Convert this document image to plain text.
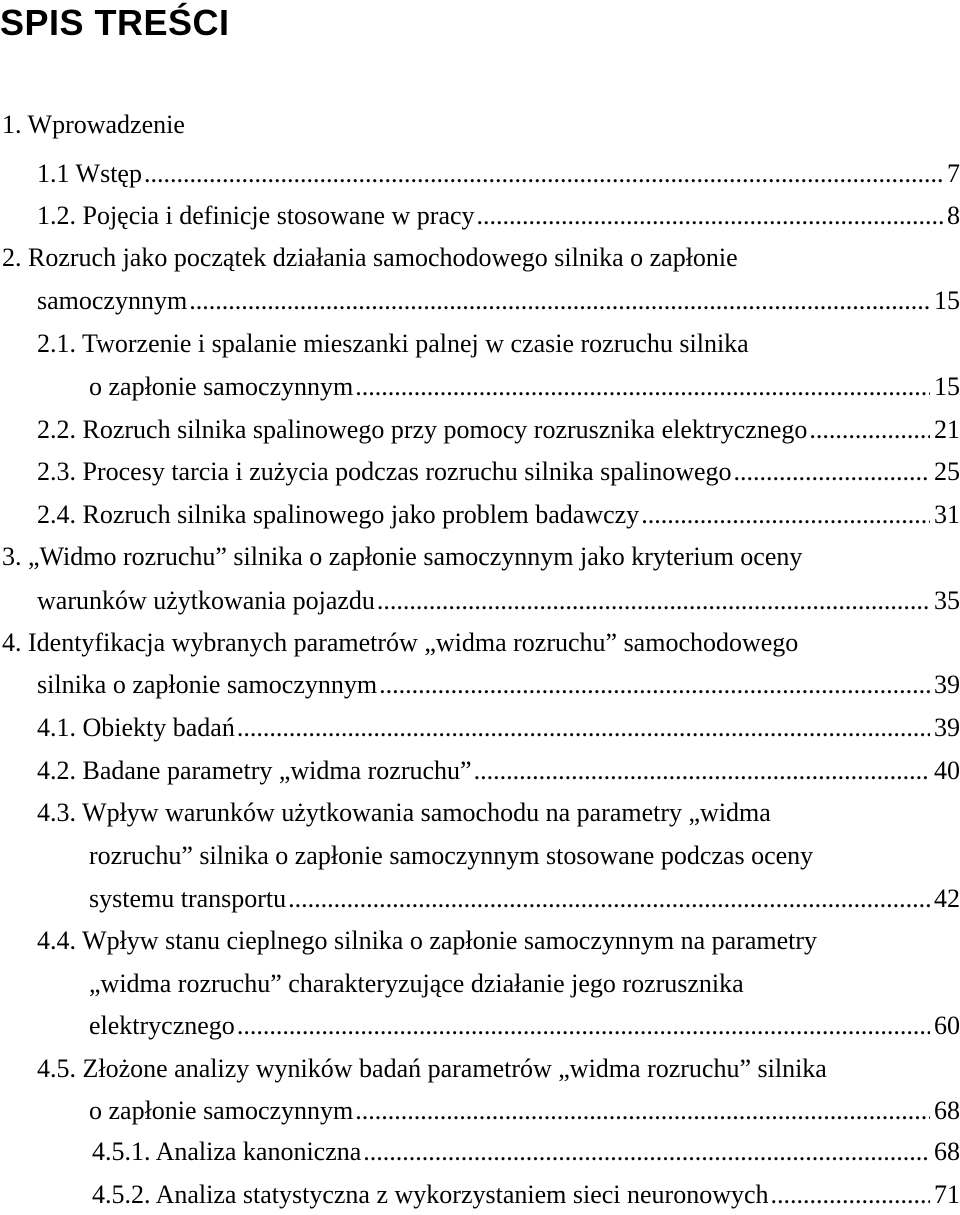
SPIS TREŚCI
1. Wprowadzenie
1.1 Wstęp .....	7
1.2. Pojęcia i definicje stosowane w pracy .....	8
2. Rozruch jako początek działania samochodowego silnika o zapłonie
samoczynnym .....	15
2.1. Tworzenie i spalanie mieszanki palnej w czasie rozruchu silnika
o zapłonie samoczynnym .....	15
2.2. Rozruch silnika spalinowego przy pomocy rozrusznika elektrycznego .....	21
2.3. Procesy tarcia i zużycia podczas rozruchu silnika spalinowego .....	25
2.4. Rozruch silnika spalinowego jako problem badawczy .....	31
3. „Widmo rozruchu” silnika o zapłonie samoczynnym jako kryterium oceny
warunków użytkowania pojazdu .....	35
4. Identyfikacja wybranych parametrów „widma rozruchu” samochodowego
silnika o zapłonie samoczynnym .....	39
4.1. Obiekty badań .....	39
4.2. Badane parametry „widma rozruchu” .....	40
4.3. Wpływ warunków użytkowania samochodu na parametry „widma
rozruchu” silnika o zapłonie samoczynnym stosowane podczas oceny
systemu transportu .....	42
4.4. Wpływ stanu cieplnego silnika o zapłonie samoczynnym na parametry
„widma rozruchu” charakteryzujące działanie jego rozrusznika
elektrycznego .....	60
4.5. Złożone analizy wyników badań parametrów „widma rozruchu” silnika
o zapłonie samoczynnym .....	68
4.5.1. Analiza kanoniczna .....	68
4.5.2. Analiza statystyczna z wykorzystaniem sieci neuronowych .....	71
